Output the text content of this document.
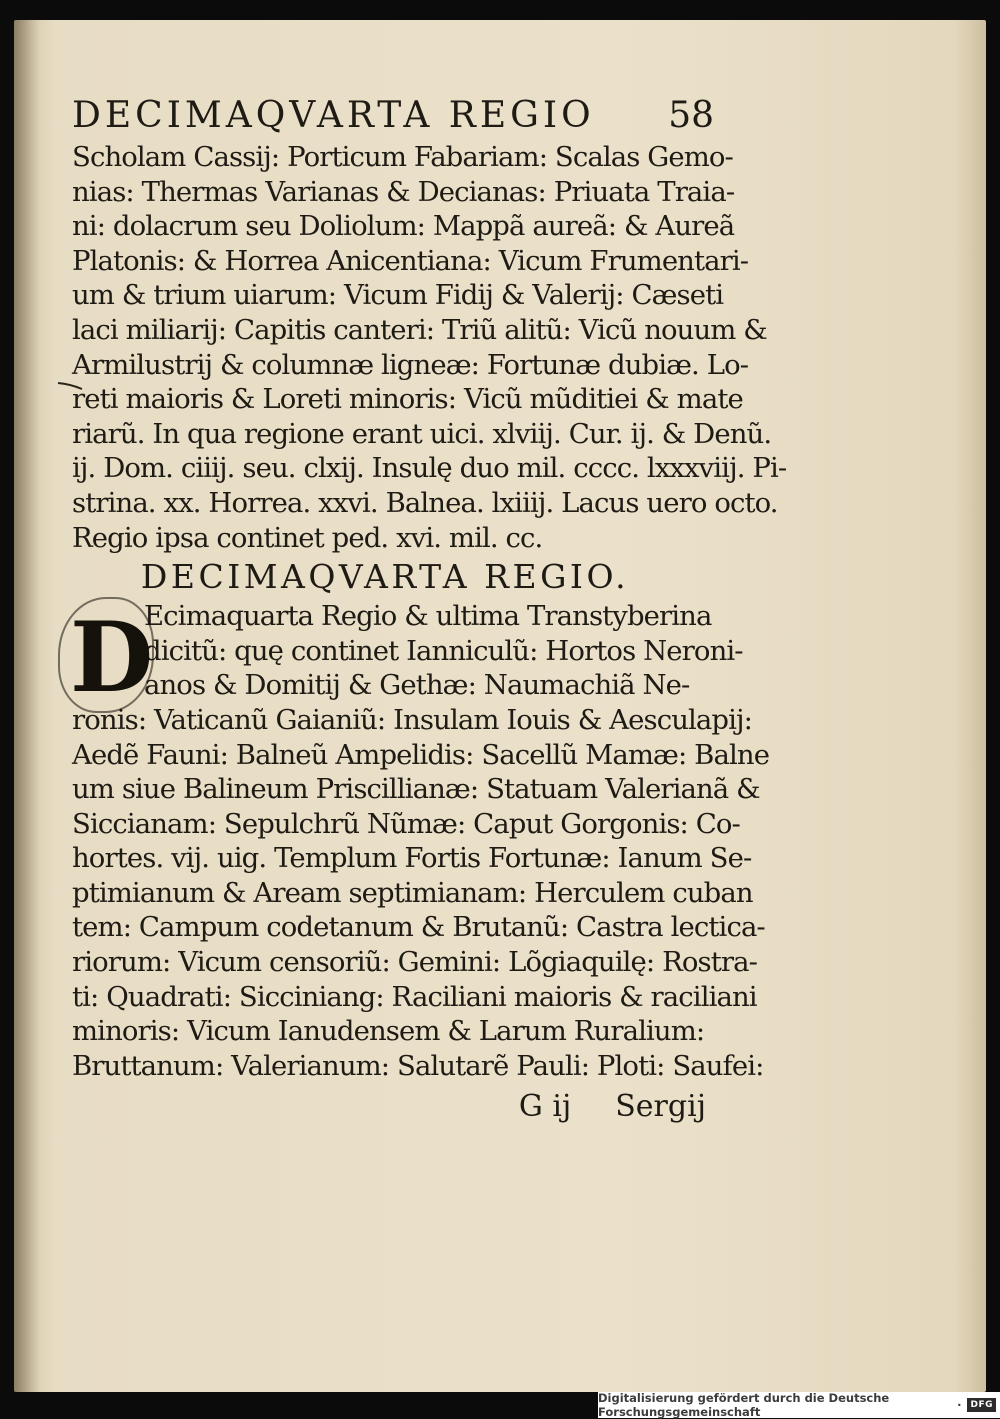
DECIMAQVARTA REGIO 58
Scholam Cassij: Porticum Fabariam: Scalas Gemo-
nias: Thermas Varianas & Decianas: Priuata Traia-
ni: dolacrum seu Doliolum: Mappã aureã: & Aureã
Platonis: & Horrea Anicentiana: Vicum Frumentari-
um & trium uiarum: Vicum Fidij & Valerij: Cæseti
laci miliarij: Capitis canteri: Triũ alitũ: Vicũ nouum &
Armilustrij & columnæ ligneæ: Fortunæ dubiæ. Lo-
reti maioris & Loreti minoris: Vicũ mũditiei & mate
riarũ. In qua regione erant uici. xlviij. Cur. ij. & Denũ.
ij. Dom. ciiij. seu. clxij. Insulę duo mil. cccc. lxxxviij. Pi-
strina. xx. Horrea. xxvi. Balnea. lxiiij. Lacus uero octo.
Regio ipsa continet ped. xvi. mil. cc.
DECIMAQVARTA REGIO.
D
Ecimaquarta Regio & ultima Transtyberina
dicitũ: quę continet Ianniculũ: Hortos Neroni-
anos & Domitij & Gethæ: Naumachiã Ne-
ronis: Vaticanũ Gaianiũ: Insulam Iouis & Aesculapij:
Aedẽ Fauni: Balneũ Ampelidis: Sacellũ Mamæ: Balne
um siue Balineum Priscillianæ: Statuam Valerianã &
Siccianam: Sepulchrũ Nũmæ: Caput Gorgonis: Co-
hortes. vij. uig. Templum Fortis Fortunæ: Ianum Se-
ptimianum & Aream septimianam: Herculem cuban
tem: Campum codetanum & Brutanũ: Castra lectica-
riorum: Vicum censoriũ: Gemini: Lõgiaquilę: Rostra-
ti: Quadrati: Sicciniang: Raciliani maioris & raciliani
minoris: Vicum Ianudensem & Larum Ruralium:
Bruttanum: Valerianum: Salutarẽ Pauli: Ploti: Saufei:
G ij Sergij
Digitalisierung gefördert durch die Deutsche Forschungsgemeinschaft	·	DFG
